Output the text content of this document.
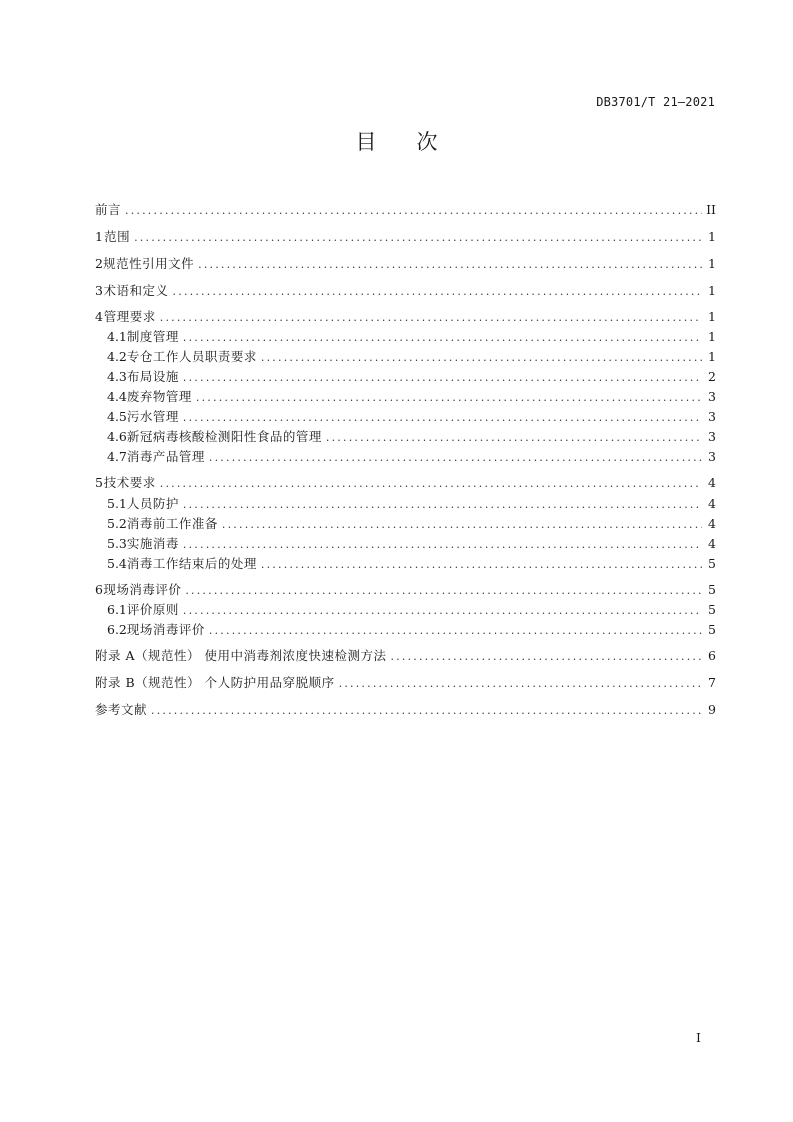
DB3701/T 21—2021
目 次
前言 .....	II
1 范围 .....	1
2 规范性引用文件 .....	1
3 术语和定义 .....	1
4 管理要求 .....	1
4.1 制度管理 .....	1
4.2 专仓工作人员职责要求 .....	1
4.3 布局设施 .....	2
4.4 废弃物管理 .....	3
4.5 污水管理 .....	3
4.6 新冠病毒核酸检测阳性食品的管理 .....	3
4.7 消毒产品管理 .....	3
5 技术要求 .....	4
5.1 人员防护 .....	4
5.2 消毒前工作准备 .....	4
5.3 实施消毒 .....	4
5.4 消毒工作结束后的处理 .....	5
6 现场消毒评价 .....	5
6.1 评价原则 .....	5
6.2 现场消毒评价 .....	5
附录 A（规范性） 使用中消毒剂浓度快速检测方法 .....	6
附录 B（规范性） 个人防护用品穿脱顺序 .....	7
参考文献 .....	9
I
